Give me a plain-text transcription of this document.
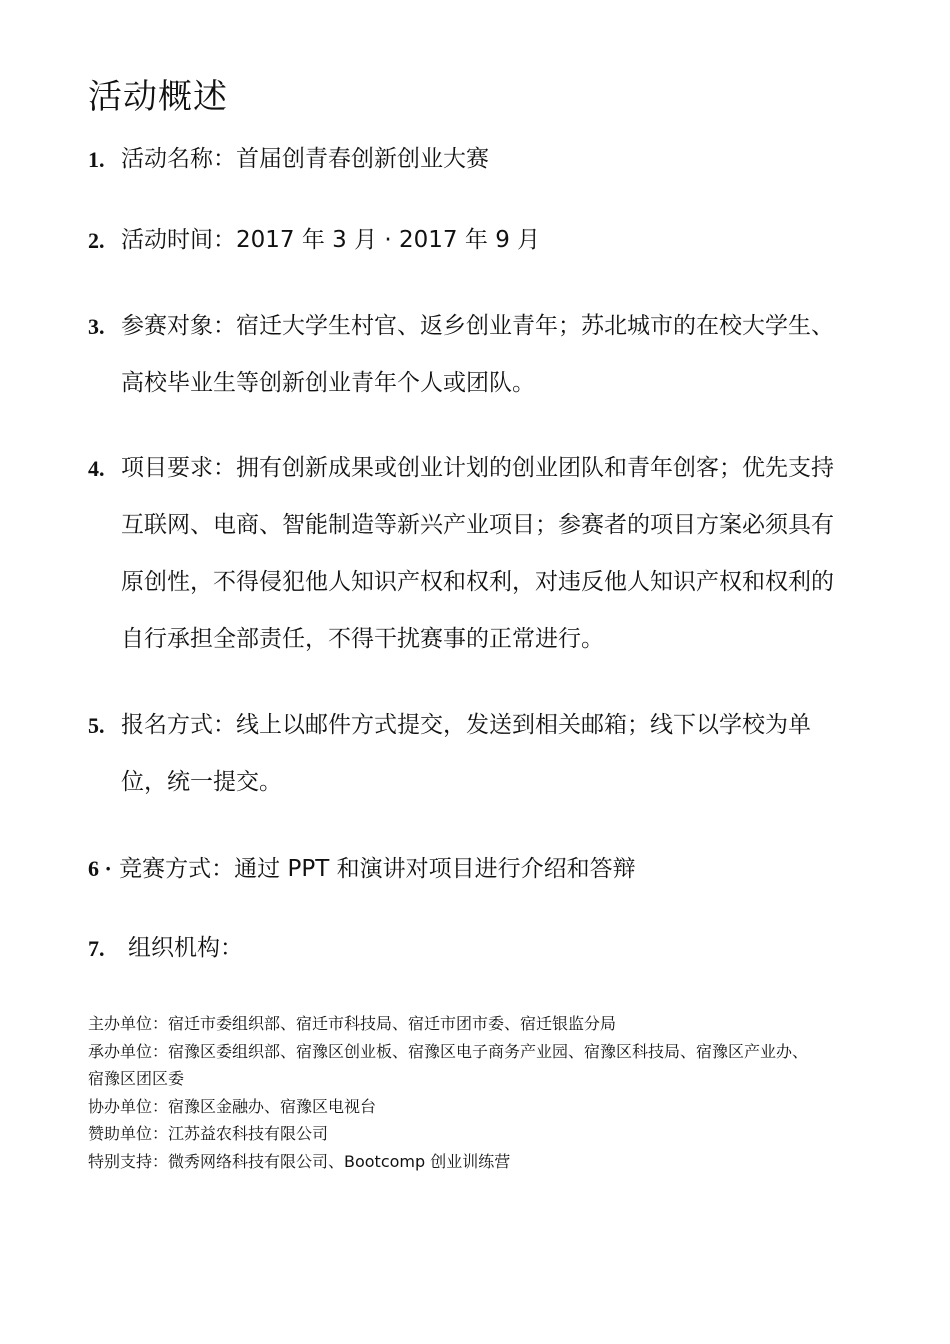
活动概述
1. 活动名称：首届创青春创新创业大赛
2. 活动时间：2017 年 3 月 · 2017 年 9 月
3. 参赛对象：宿迁大学生村官、返乡创业青年；苏北城市的在校大学生、高校毕业生等创新创业青年个人或团队。
4. 项目要求：拥有创新成果或创业计划的创业团队和青年创客；优先支持互联网、电商、智能制造等新兴产业项目；参赛者的项目方案必须具有原创性，不得侵犯他人知识产权和权利，对违反他人知识产权和权利的自行承担全部责任，不得干扰赛事的正常进行。
5. 报名方式：线上以邮件方式提交，发送到相关邮箱；线下以学校为单位，统一提交。
6 · 竞赛方式：通过 PPT 和演讲对项目进行介绍和答辩
7. 组织机构：

主办单位：宿迁市委组织部、宿迁市科技局、宿迁市团市委、宿迁银监分局

承办单位：宿豫区委组织部、宿豫区创业板、宿豫区电子商务产业园、宿豫区科技局、宿豫区产业办、宿豫区团区委

协办单位：宿豫区金融办、宿豫区电视台

赞助单位：江苏益农科技有限公司

特别支持：微秀网络科技有限公司、Bootcomp 创业训练营
